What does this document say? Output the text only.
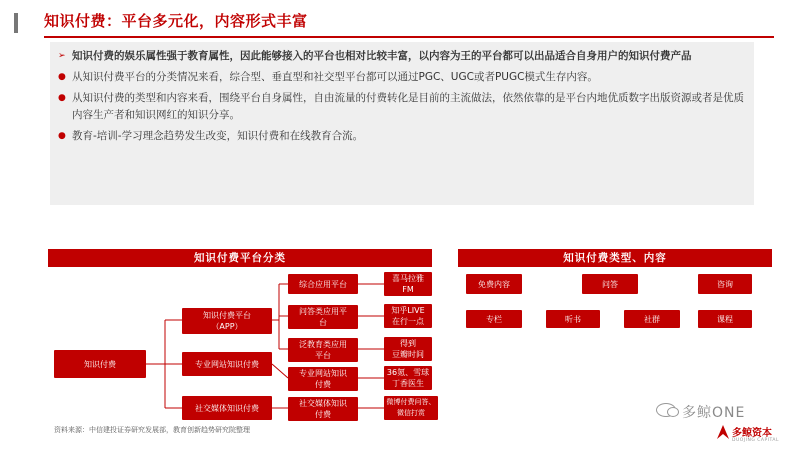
知识付费：平台多元化，内容形式丰富
➢ 知识付费的娱乐属性强于教育属性，因此能够接入的平台也相对比较丰富，以内容为王的平台都可以出品适合自身用户的知识付费产品
● 从知识付费平台的分类情况来看，综合型、垂直型和社交型平台都可以通过PGC、UGC或者PUGC模式生存内容。
● 从知识付费的类型和内容来看，围绕平台自身属性，自由流量的付费转化是目前的主流做法，依然依靠的是平台内地优质数字出版资源或者是优质内容生产者和知识网红的知识分享。
● 教育-培训-学习理念趋势发生改变，知识付费和在线教育合流。
知识付费平台分类	知识付费类型、内容
知识付费
知识付费平台
（APP）
专业网站知识付费
社交媒体知识付费
综合应用平台
问答类应用平
台
泛教育类应用
平台
专业网站知识
付费
社交媒体知识
付费
喜马拉雅
FM
知乎LIVE
在行一点
得到
豆瓣时间
36氪、雪球
丁香医生
微博付费问答、
微信打赏
免费内容	问答	咨询
专栏	听书	社群	课程
资料来源：中信建投证券研究发展部，教育创新趋势研究院整理
多鲸ONE
多鲸资本
DUOJING CAPITAL
